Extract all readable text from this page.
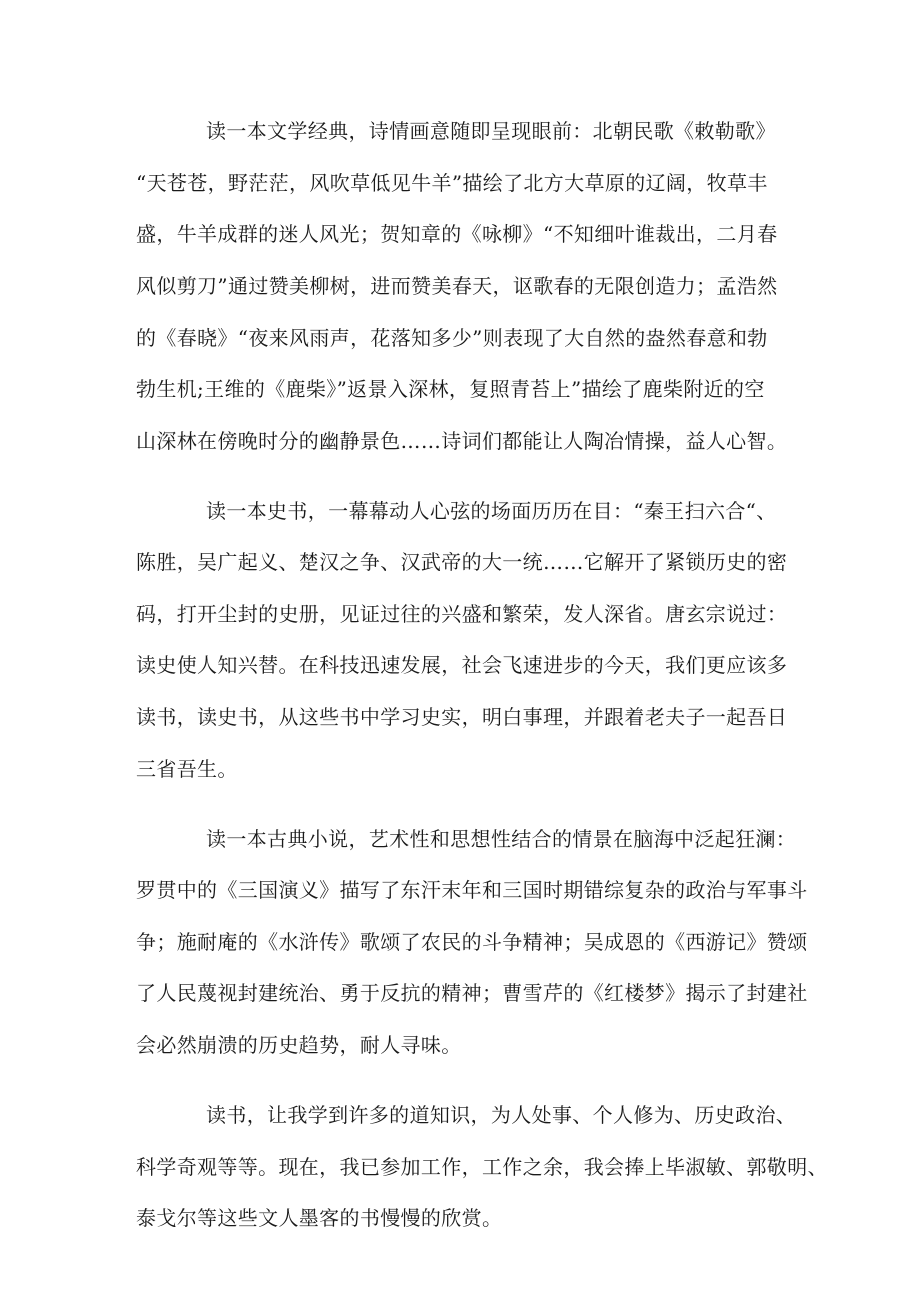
读一本文学经典，诗情画意随即呈现眼前：北朝民歌《敕勒歌》
“天苍苍，野茫茫，风吹草低见牛羊”描绘了北方大草原的辽阔，牧草丰
盛，牛羊成群的迷人风光；贺知章的《咏柳》“不知细叶谁裁出，二月春
风似剪刀”通过赞美柳树，进而赞美春天，讴歌春的无限创造力；孟浩然
的《春晓》“夜来风雨声，花落知多少”则表现了大自然的盎然春意和勃
勃生机;王维的《鹿柴》”返景入深林，复照青苔上”描绘了鹿柴附近的空
山深林在傍晚时分的幽静景色……诗词们都能让人陶冶情操，益人心智。
读一本史书，一幕幕动人心弦的场面历历在目：“秦王扫六合“、
陈胜，吴广起义、楚汉之争、汉武帝的大一统……它解开了紧锁历史的密
码，打开尘封的史册，见证过往的兴盛和繁荣，发人深省。唐玄宗说过：
读史使人知兴替。在科技迅速发展，社会飞速进步的今天，我们更应该多
读书，读史书，从这些书中学习史实，明白事理，并跟着老夫子一起吾日
三省吾生。
读一本古典小说，艺术性和思想性结合的情景在脑海中泛起狂澜：
罗贯中的《三国演义》描写了东汗末年和三国时期错综复杂的政治与军事斗
争；施耐庵的《水浒传》歌颂了农民的斗争精神；吴成恩的《西游记》赞颂
了人民蔑视封建统治、勇于反抗的精神；曹雪芹的《红楼梦》揭示了封建社
会必然崩溃的历史趋势，耐人寻味。
读书，让我学到许多的道知识，为人处事、个人修为、历史政治、
科学奇观等等。现在，我已参加工作，工作之余，我会捧上毕淑敏、郭敬明、
泰戈尔等这些文人墨客的书慢慢的欣赏。
